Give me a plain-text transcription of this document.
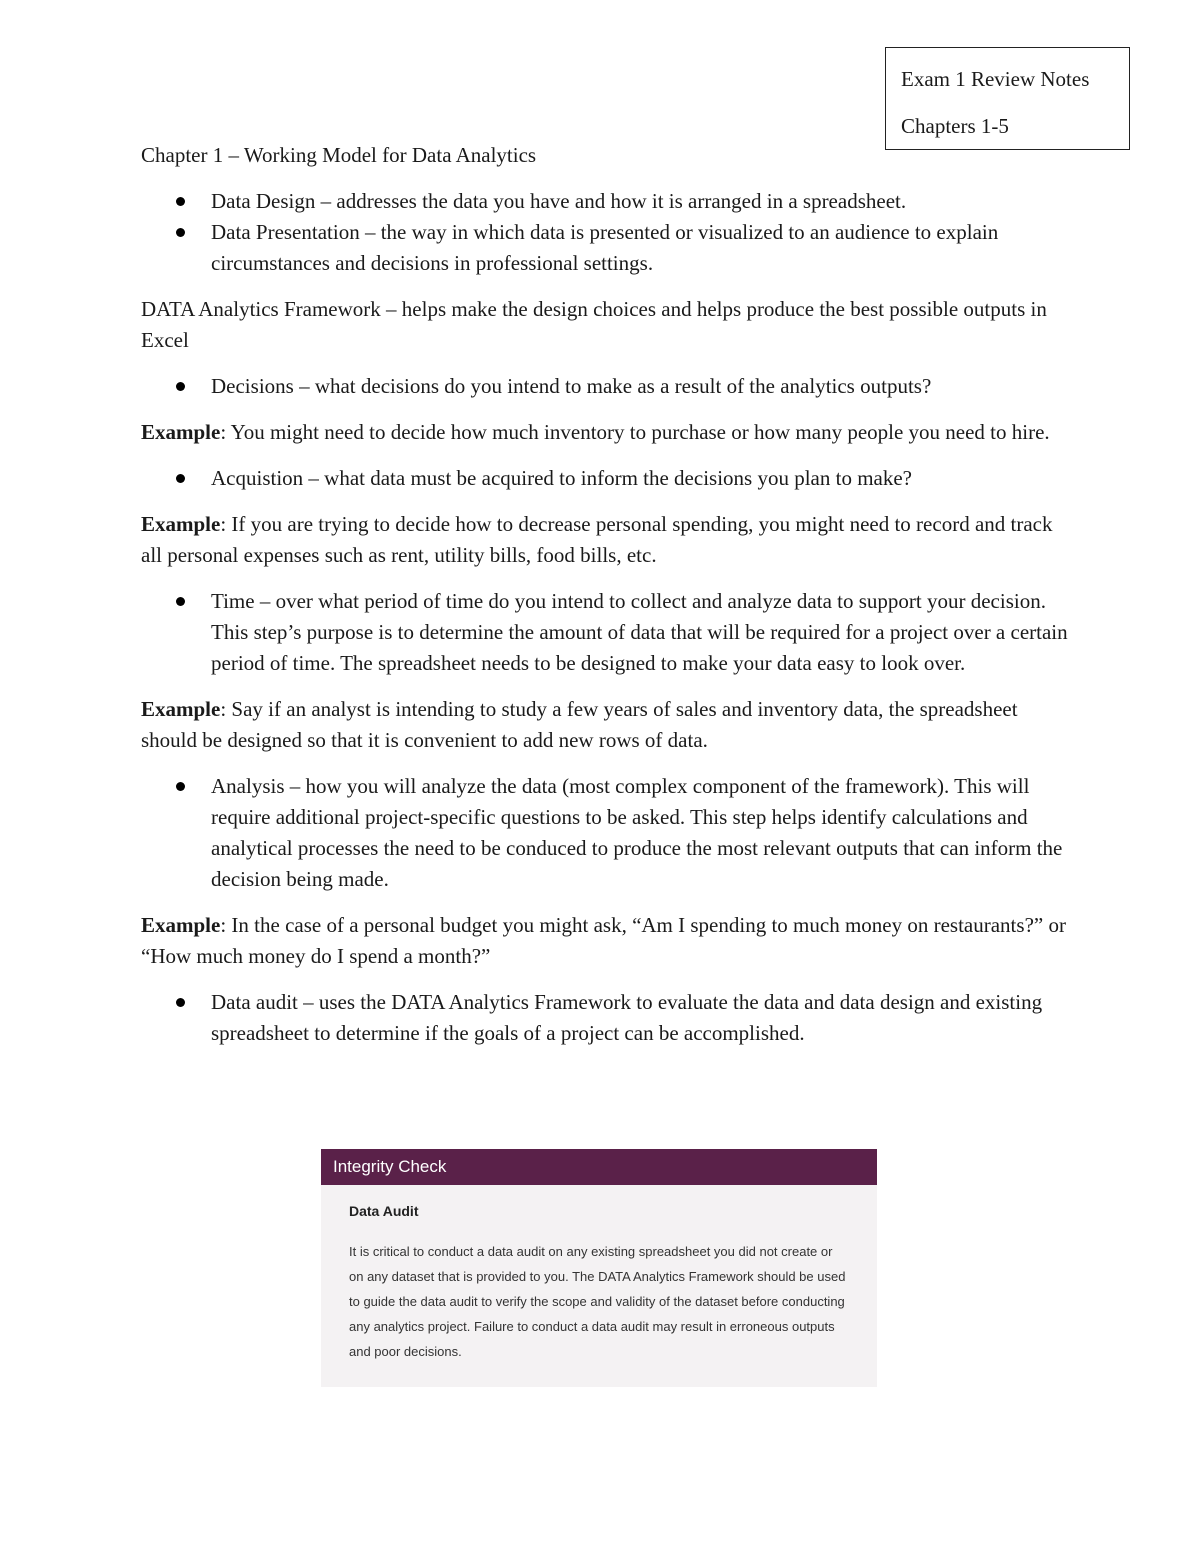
Exam 1 Review Notes
Chapters 1-5

Chapter 1 – Working Model for Data Analytics

Data Design – addresses the data you have and how it is arranged in a spreadsheet.
Data Presentation – the way in which data is presented or visualized to an audience to explain circumstances and decisions in professional settings.

DATA Analytics Framework – helps make the design choices and helps produce the best possible outputs in Excel

Decisions – what decisions do you intend to make as a result of the analytics outputs?

Example: You might need to decide how much inventory to purchase or how many people you need to hire.

Acquistion – what data must be acquired to inform the decisions you plan to make?

Example: If you are trying to decide how to decrease personal spending, you might need to record and track all personal expenses such as rent, utility bills, food bills, etc.

Time – over what period of time do you intend to collect and analyze data to support your decision. This step’s purpose is to determine the amount of data that will be required for a project over a certain period of time. The spreadsheet needs to be designed to make your data easy to look over.

Example: Say if an analyst is intending to study a few years of sales and inventory data, the spreadsheet should be designed so that it is convenient to add new rows of data.

Analysis – how you will analyze the data (most complex component of the framework). This will require additional project-specific questions to be asked. This step helps identify calculations and analytical processes the need to be conduced to produce the most relevant outputs that can inform the decision being made.

Example: In the case of a personal budget you might ask, “Am I spending to much money on restaurants?” or “How much money do I spend a month?”

Data audit – uses the DATA Analytics Framework to evaluate the data and data design and existing spreadsheet to determine if the goals of a project can be accomplished.
Integrity Check
Data Audit

It is critical to conduct a data audit on any existing spreadsheet you did not create or on any dataset that is provided to you. The DATA Analytics Framework should be used to guide the data audit to verify the scope and validity of the dataset before conducting any analytics project. Failure to conduct a data audit may result in erroneous outputs and poor decisions.
